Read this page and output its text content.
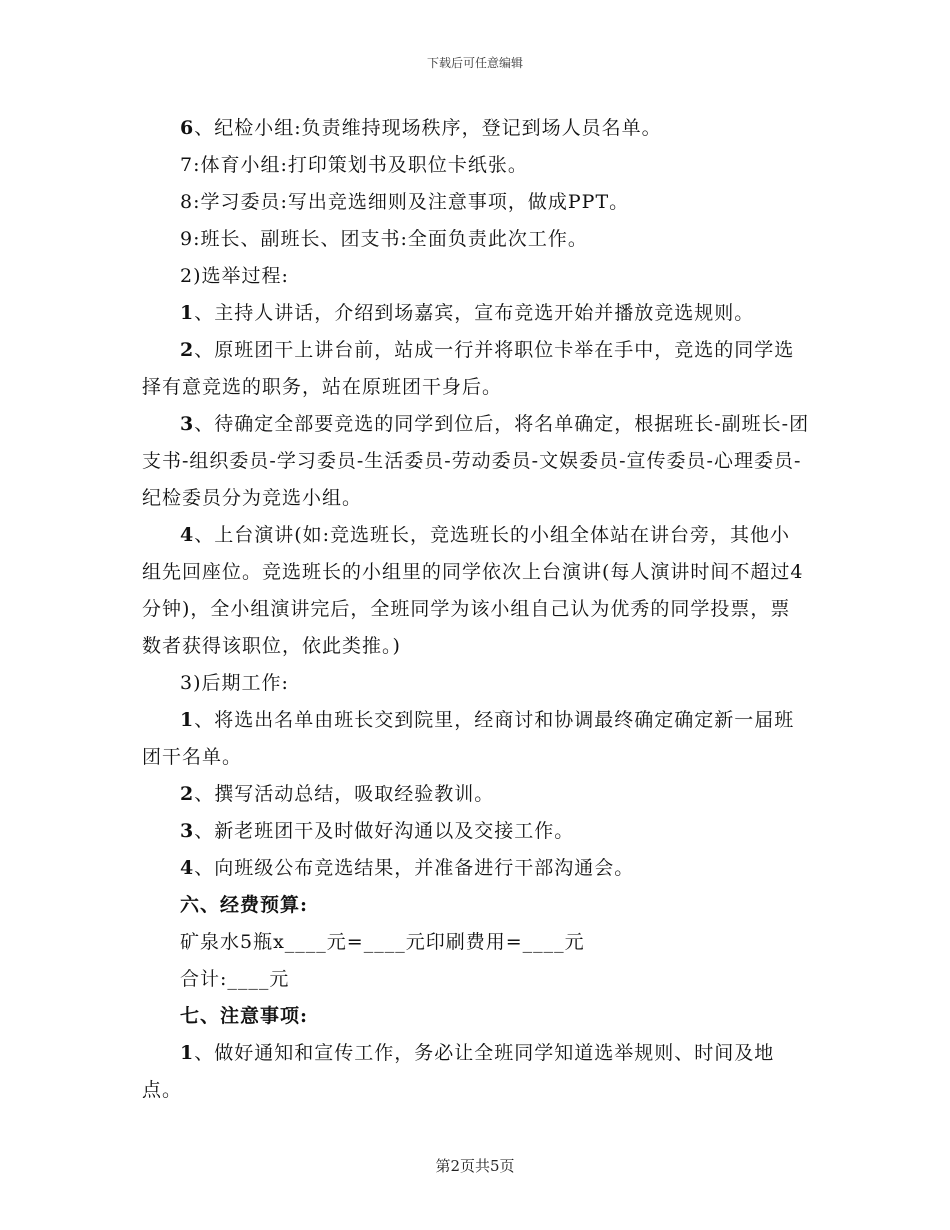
下载后可任意编辑

6、纪检小组:负责维持现场秩序，登记到场人员名单。

7:体育小组:打印策划书及职位卡纸张。

8:学习委员:写出竞选细则及注意事项，做成PPT。

9:班长、副班长、团支书:全面负责此次工作。

2)选举过程:

1、主持人讲话，介绍到场嘉宾，宣布竞选开始并播放竞选规则。

2、原班团干上讲台前，站成一行并将职位卡举在手中，竞选的同学选择有意竞选的职务，站在原班团干身后。

3、待确定全部要竞选的同学到位后，将名单确定，根据班长-副班长-团支书-组织委员-学习委员-生活委员-劳动委员-文娱委员-宣传委员-心理委员-纪检委员分为竞选小组。

4、上台演讲(如:竞选班长，竞选班长的小组全体站在讲台旁，其他小组先回座位。竞选班长的小组里的同学依次上台演讲(每人演讲时间不超过4分钟)，全小组演讲完后，全班同学为该小组自己认为优秀的同学投票，票数者获得该职位，依此类推。)

3)后期工作:

1、将选出名单由班长交到院里，经商讨和协调最终确定确定新一届班团干名单。

2、撰写活动总结，吸取经验教训。

3、新老班团干及时做好沟通以及交接工作。

4、向班级公布竞选结果，并准备进行干部沟通会。

六、经费预算:

矿泉水5瓶x____元=____元印刷费用=____元

合计:____元

七、注意事项:

1、做好通知和宣传工作，务必让全班同学知道选举规则、时间及地点。

第2页共5页
